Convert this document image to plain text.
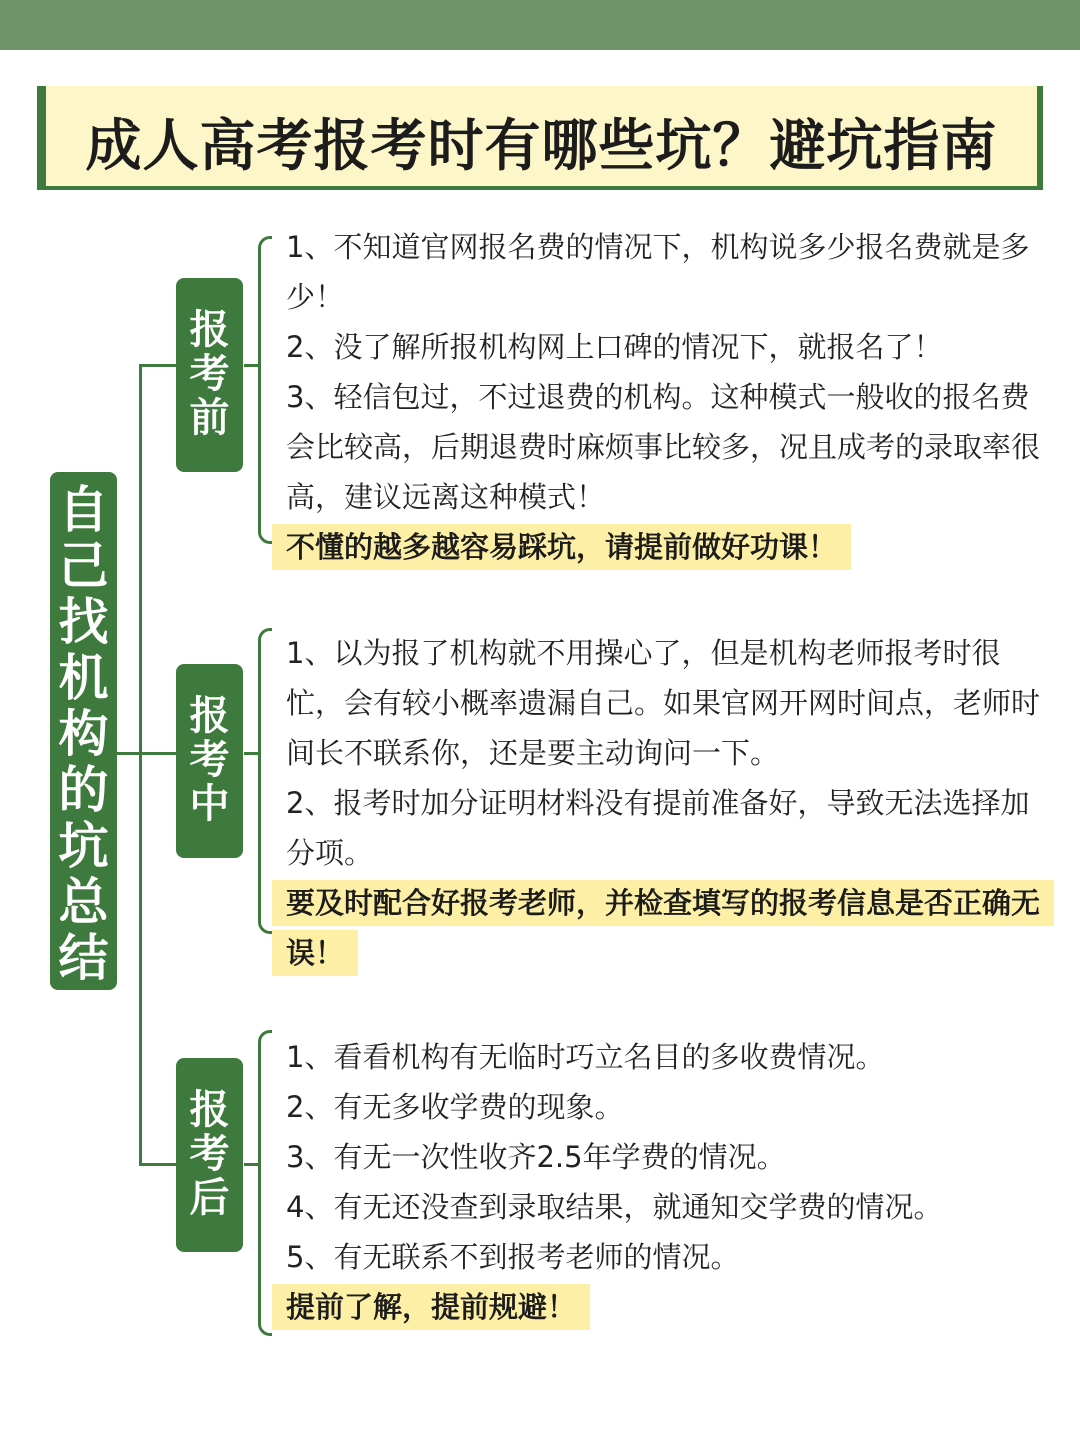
成人高考报考时有哪些坑？避坑指南
自
己
找
机
构
的
坑
总
结
报
考
前

1、不知道官网报名费的情况下，机构说多少报名费就是多少！

2、没了解所报机构网上口碑的情况下，就报名了！

3、轻信包过，不过退费的机构。这种模式一般收的报名费会比较高，后期退费时麻烦事比较多，况且成考的录取率很高，建议远离这种模式！

不懂的越多越容易踩坑，请提前做好功课！

报
考
中

1、以为报了机构就不用操心了，但是机构老师报考时很忙，会有较小概率遗漏自己。如果官网开网时间点，老师时间长不联系你，还是要主动询问一下。

2、报考时加分证明材料没有提前准备好，导致无法选择加分项。

要及时配合好报考老师，并检查填写的报考信息是否正确无误！

报
考
后

1、看看机构有无临时巧立名目的多收费情况。

2、有无多收学费的现象。

3、有无一次性收齐2.5年学费的情况。

4、有无还没查到录取结果，就通知交学费的情况。

5、有无联系不到报考老师的情况。

提前了解，提前规避！
